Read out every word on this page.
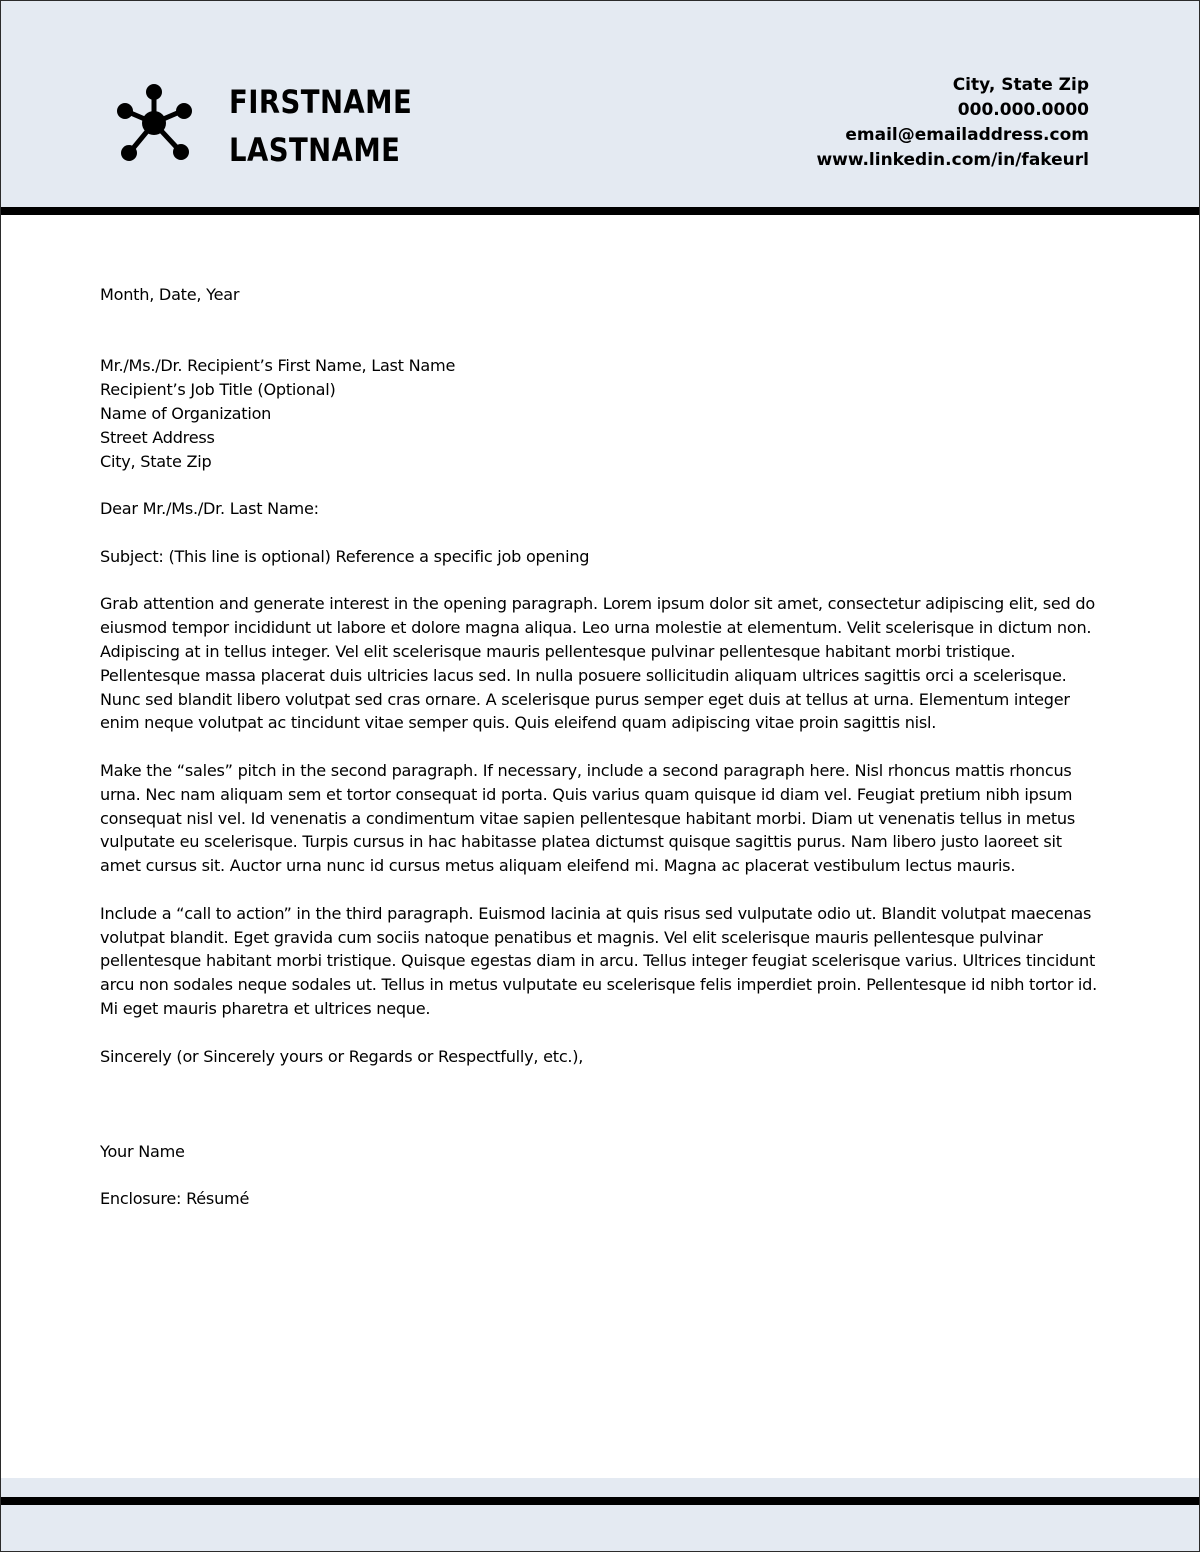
FIRSTNAME
LASTNAME
City, State Zip
000.000.0000
email@emailaddress.com
www.linkedin.com/in/fakeurl

Month, Date, Year

Mr./Ms./Dr. Recipient’s First Name, Last Name

Recipient’s Job Title (Optional)

Name of Organization

Street Address

City, State Zip

Dear Mr./Ms./Dr. Last Name:

Subject: (This line is optional) Reference a specific job opening

Grab attention and generate interest in the opening paragraph. Lorem ipsum dolor sit amet, consectetur adipiscing elit, sed do eiusmod tempor incididunt ut labore et dolore magna aliqua. Leo urna molestie at elementum. Velit scelerisque in dictum non. Adipiscing at in tellus integer. Vel elit scelerisque mauris pellentesque pulvinar pellentesque habitant morbi tristique. Pellentesque massa placerat duis ultricies lacus sed. In nulla posuere sollicitudin aliquam ultrices sagittis orci a scelerisque. Nunc sed blandit libero volutpat sed cras ornare. A scelerisque purus semper eget duis at tellus at urna. Elementum integer enim neque volutpat ac tincidunt vitae semper quis. Quis eleifend quam adipiscing vitae proin sagittis nisl.

Make the “sales” pitch in the second paragraph. If necessary, include a second paragraph here. Nisl rhoncus mattis rhoncus urna. Nec nam aliquam sem et tortor consequat id porta. Quis varius quam quisque id diam vel. Feugiat pretium nibh ipsum consequat nisl vel. Id venenatis a condimentum vitae sapien pellentesque habitant morbi. Diam ut venenatis tellus in metus vulputate eu scelerisque. Turpis cursus in hac habitasse platea dictumst quisque sagittis purus. Nam libero justo laoreet sit amet cursus sit. Auctor urna nunc id cursus metus aliquam eleifend mi. Magna ac placerat vestibulum lectus mauris.

Include a “call to action” in the third paragraph. Euismod lacinia at quis risus sed vulputate odio ut. Blandit volutpat maecenas volutpat blandit. Eget gravida cum sociis natoque penatibus et magnis. Vel elit scelerisque mauris pellentesque pulvinar pellentesque habitant morbi tristique. Quisque egestas diam in arcu. Tellus integer feugiat scelerisque varius. Ultrices tincidunt arcu non sodales neque sodales ut. Tellus in metus vulputate eu scelerisque felis imperdiet proin. Pellentesque id nibh tortor id. Mi eget mauris pharetra et ultrices neque.

Sincerely (or Sincerely yours or Regards or Respectfully, etc.),

Your Name

Enclosure: Résumé
